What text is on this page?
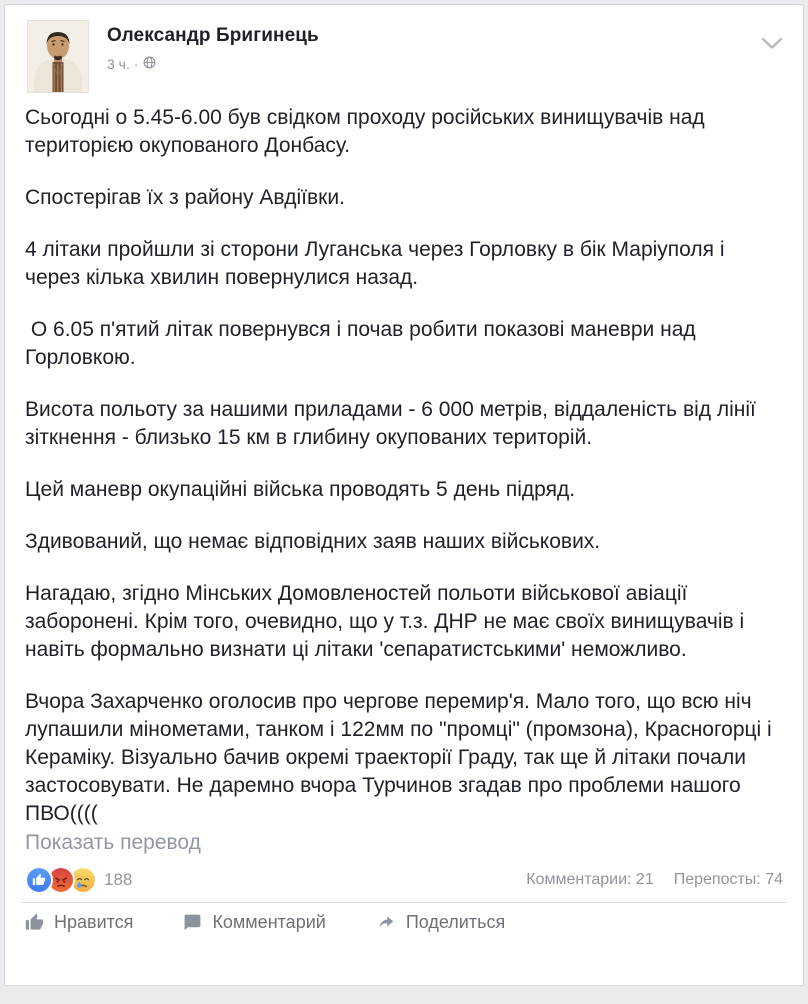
Олександр Бригинець
3 ч. ·

Сьогодні о 5.45-6.00 був свідком проходу російських винищувачів над територією окупованого Донбасу.

Спостерігав їх з району Авдіївки.

4 літаки пройшли зі сторони Луганська через Горловку в бік Маріуполя і через кілька хвилин повернулися назад.

О 6.05 п'ятий літак повернувся і почав робити показові маневри над Горловкою.

Висота польоту за нашими приладами - 6 000 метрів, віддаленість від лінії зіткнення - близько 15 км в глибину окупованих територій.

Цей маневр окупаційні війська проводять 5 день підряд.

Здивований, що немає відповідних заяв наших військових.

Нагадаю, згідно Мінських Домовленостей польоти військової авіації заборонені. Крім того, очевидно, що у т.з. ДНР не має своїх винищувачів і навіть формально визнати ці літаки 'сепаратистськими' неможливо.

Вчора Захарченко оголосив про чергове перемир'я. Мало того, що всю ніч лупашили мінометами, танком і 122мм по "промці" (промзона), Красногорці і Кераміку. Візуально бачив окремі траекторії Граду, так ще й літаки почали застосовувати. Не даремно вчора Турчинов згадав про проблеми нашого ПВО((((

Показать перевод
188	Комментарии: 21 Перепосты: 74
Нравится	Комментарий	Поделиться
